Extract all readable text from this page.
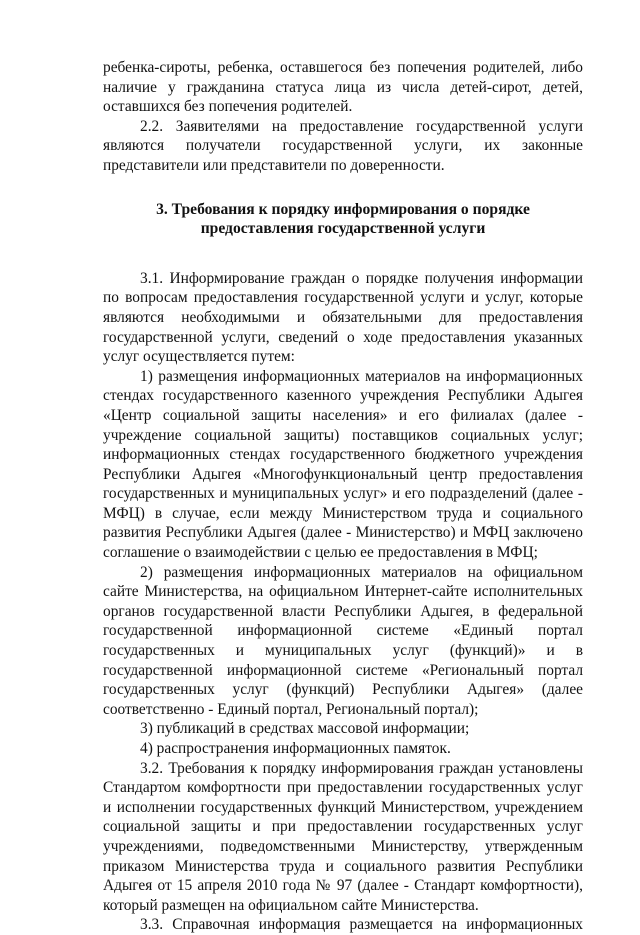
ребенка-сироты, ребенка, оставшегося без попечения родителей, либо наличие у гражданина статуса лица из числа детей-сирот, детей, оставшихся без попечения родителей.

2.2. Заявителями на предоставление государственной услуги являются получатели государственной услуги, их законные представители или представители по доверенности.

3. Требования к порядку информирования о порядке предоставления государственной услуги

3.1. Информирование граждан о порядке получения информации по вопросам предоставления государственной услуги и услуг, которые являются необходимыми и обязательными для предоставления государственной услуги, сведений о ходе предоставления указанных услуг осуществляется путем:

1) размещения информационных материалов на информационных стендах государственного казенного учреждения Республики Адыгея «Центр социальной защиты населения» и его филиалах (далее - учреждение социальной защиты) поставщиков социальных услуг; информационных стендах государственного бюджетного учреждения Республики Адыгея «Многофункциональный центр предоставления государственных и муниципальных услуг» и его подразделений (далее - МФЦ) в случае, если между Министерством труда и социального развития Республики Адыгея (далее - Министерство) и МФЦ заключено соглашение о взаимодействии с целью ее предоставления в МФЦ;

2) размещения информационных материалов на официальном сайте Министерства, на официальном Интернет-сайте исполнительных органов государственной власти Республики Адыгея, в федеральной государственной информационной системе «Единый портал государственных и муниципальных услуг (функций)» и в государственной информационной системе «Региональный портал государственных услуг (функций) Республики Адыгея» (далее соответственно - Единый портал, Региональный портал);

3) публикаций в средствах массовой информации;

4) распространения информационных памяток.

3.2. Требования к порядку информирования граждан установлены Стандартом комфортности при предоставлении государственных услуг и исполнении государственных функций Министерством, учреждением социальной защиты и при предоставлении государственных услуг учреждениями, подведомственными Министерству, утвержденным приказом Министерства труда и социального развития Республики Адыгея от 15 апреля 2010 года № 97 (далее - Стандарт комфортности), который размещен на официальном сайте Министерства.

3.3. Справочная информация размещается на информационных
